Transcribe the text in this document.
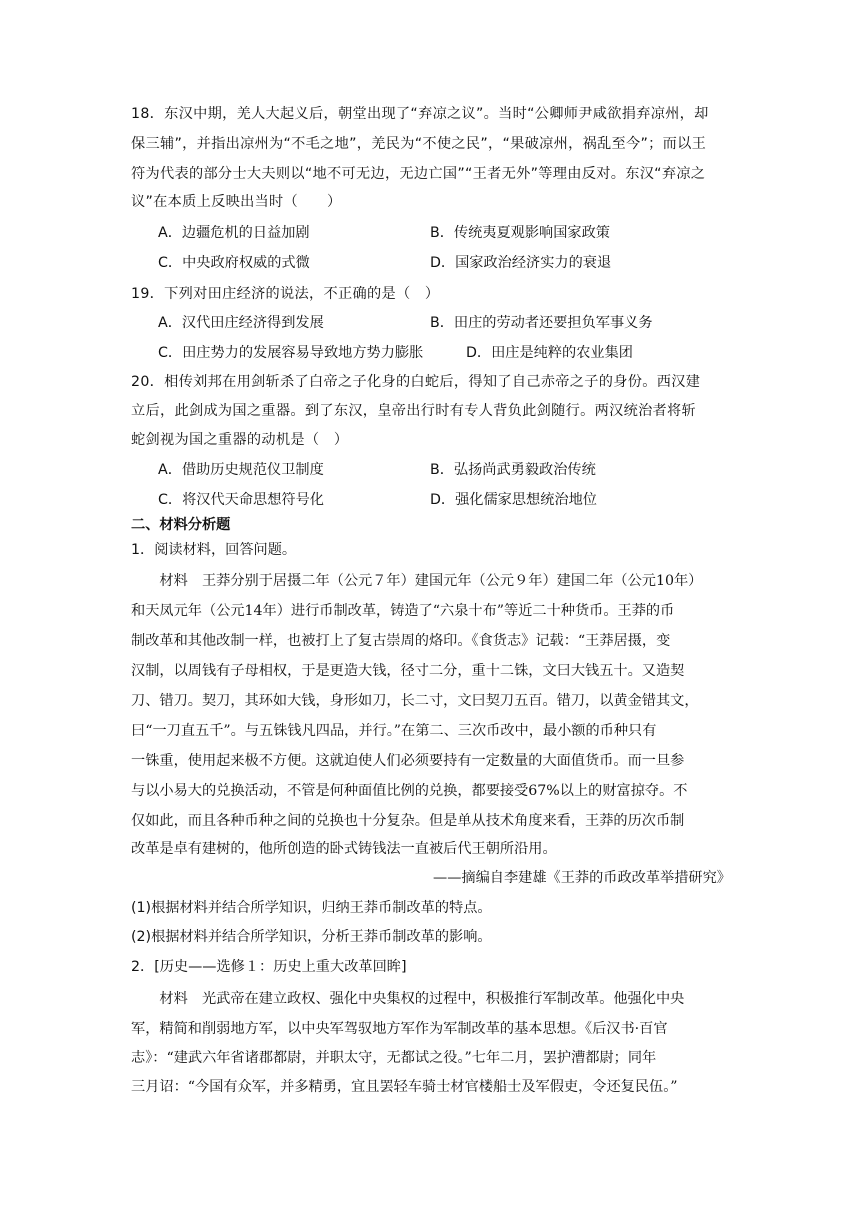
18．东汉中期，羌人大起义后，朝堂出现了“弃凉之议”。当时“公卿师尹咸欲捐弃凉州，却
保三辅”，并指出凉州为“不毛之地”，羌民为“不使之民”，“果破凉州，祸乱至今”；而以王
符为代表的部分士大夫则以“地不可无边，无边亡国”“王者无外”等理由反对。东汉“弃凉之
议”在本质上反映出当时（　　）
A．边疆危机的日益加剧	B．传统夷夏观影响国家政策
C．中央政府权威的式微	D．国家政治经济实力的衰退
19．下列对田庄经济的说法，不正确的是（　）
A．汉代田庄经济得到发展	B．田庄的劳动者还要担负军事义务
C．田庄势力的发展容易导致地方势力膨胀	D．田庄是纯粹的农业集团
20．相传刘邦在用剑斩杀了白帝之子化身的白蛇后，得知了自己赤帝之子的身份。西汉建
立后，此剑成为国之重器。到了东汉，皇帝出行时有专人背负此剑随行。两汉统治者将斩
蛇剑视为国之重器的动机是（　）
A．借助历史规范仪卫制度	B．弘扬尚武勇毅政治传统
C．将汉代天命思想符号化	D．强化儒家思想统治地位
二、材料分析题
1．阅读材料，回答问题。
　　材料　王莽分别于居摄二年（公元７年）建国元年（公元９年）建国二年（公元10年）
和天凤元年（公元14年）进行币制改革，铸造了“六泉十布”等近二十种货币。王莽的币
制改革和其他改制一样，也被打上了复古崇周的烙印。《食货志》记载：“王莽居摄，变
汉制，以周钱有子母相权，于是更造大钱，径寸二分，重十二铢，文曰大钱五十。又造契
刀、错刀。契刀，其环如大钱，身形如刀，长二寸，文曰契刀五百。错刀，以黄金错其文，
曰“一刀直五千”。与五铢钱凡四品，并行。”在第二、三次币改中，最小额的币种只有
一铢重，使用起来极不方便。这就迫使人们必须要持有一定数量的大面值货币。而一旦参
与以小易大的兑换活动，不管是何种面值比例的兑换，都要接受67%以上的财富掠夺。不
仅如此，而且各种币种之间的兑换也十分复杂。但是单从技术角度来看，王莽的历次币制
改革是卓有建树的，他所创造的卧式铸钱法一直被后代王朝所沿用。
——摘编自李建雄《王莽的币政改革举措研究》
(1)根据材料并结合所学知识，归纳王莽币制改革的特点。
(2)根据材料并结合所学知识，分析王莽币制改革的影响。
2．[历史——选修１：历史上重大改革回眸]
　　材料　光武帝在建立政权、强化中央集权的过程中，积极推行军制改革。他强化中央
军，精简和削弱地方军，以中央军驾驭地方军作为军制改革的基本思想。《后汉书·百官
志》：“建武六年省诸郡都尉，并职太守，无都试之役。”七年二月，罢护漕都尉；同年
三月诏：“今国有众军，并多精勇，宜且罢轻车骑士材官楼船士及军假吏，令还复民伍。”
